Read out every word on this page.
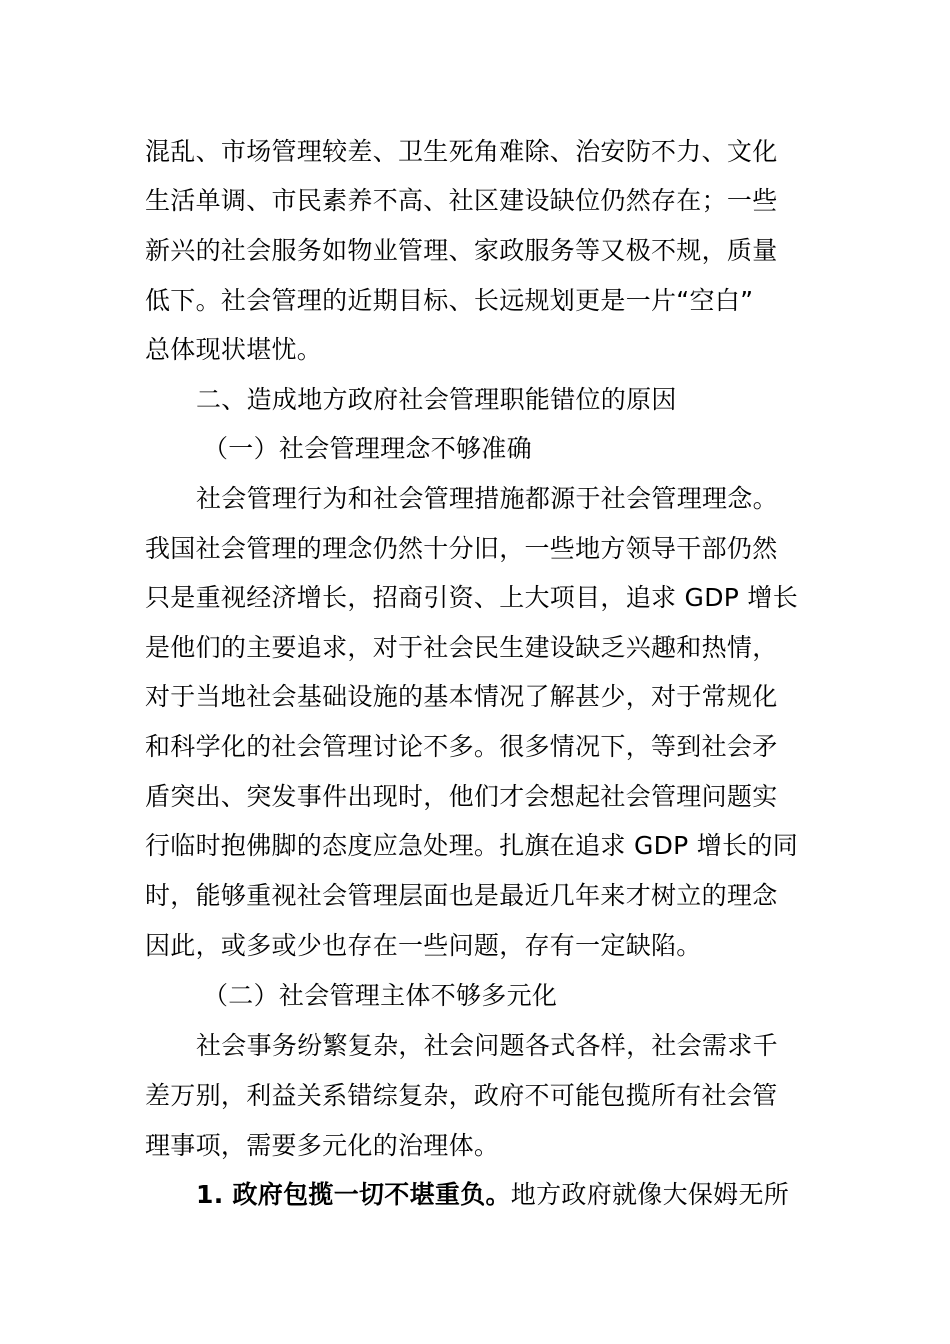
混乱、市场管理较差、卫生死角难除、治安防不力、文化
生活单调、市民素养不高、社区建设缺位仍然存在；一些
新兴的社会服务如物业管理、家政服务等又极不规，质量
低下。社会管理的近期目标、长远规划更是一片“空白”
总体现状堪忧。
二、造成地方政府社会管理职能错位的原因
（一）社会管理理念不够准确
社会管理行为和社会管理措施都源于社会管理理念。
我国社会管理的理念仍然十分旧，一些地方领导干部仍然
只是重视经济增长，招商引资、上大项目，追求 GDP 增长
是他们的主要追求，对于社会民生建设缺乏兴趣和热情，
对于当地社会基础设施的基本情况了解甚少，对于常规化
和科学化的社会管理讨论不多。很多情况下，等到社会矛
盾突出、突发事件出现时，他们才会想起社会管理问题实
行临时抱佛脚的态度应急处理。扎旗在追求 GDP 增长的同
时，能够重视社会管理层面也是最近几年来才树立的理念
因此，或多或少也存在一些问题，存有一定缺陷。
（二）社会管理主体不够多元化
社会事务纷繁复杂，社会问题各式各样，社会需求千
差万别，利益关系错综复杂，政府不可能包揽所有社会管
理事项，需要多元化的治理体。
1. 政府包揽一切不堪重负。地方政府就像大保姆无所
